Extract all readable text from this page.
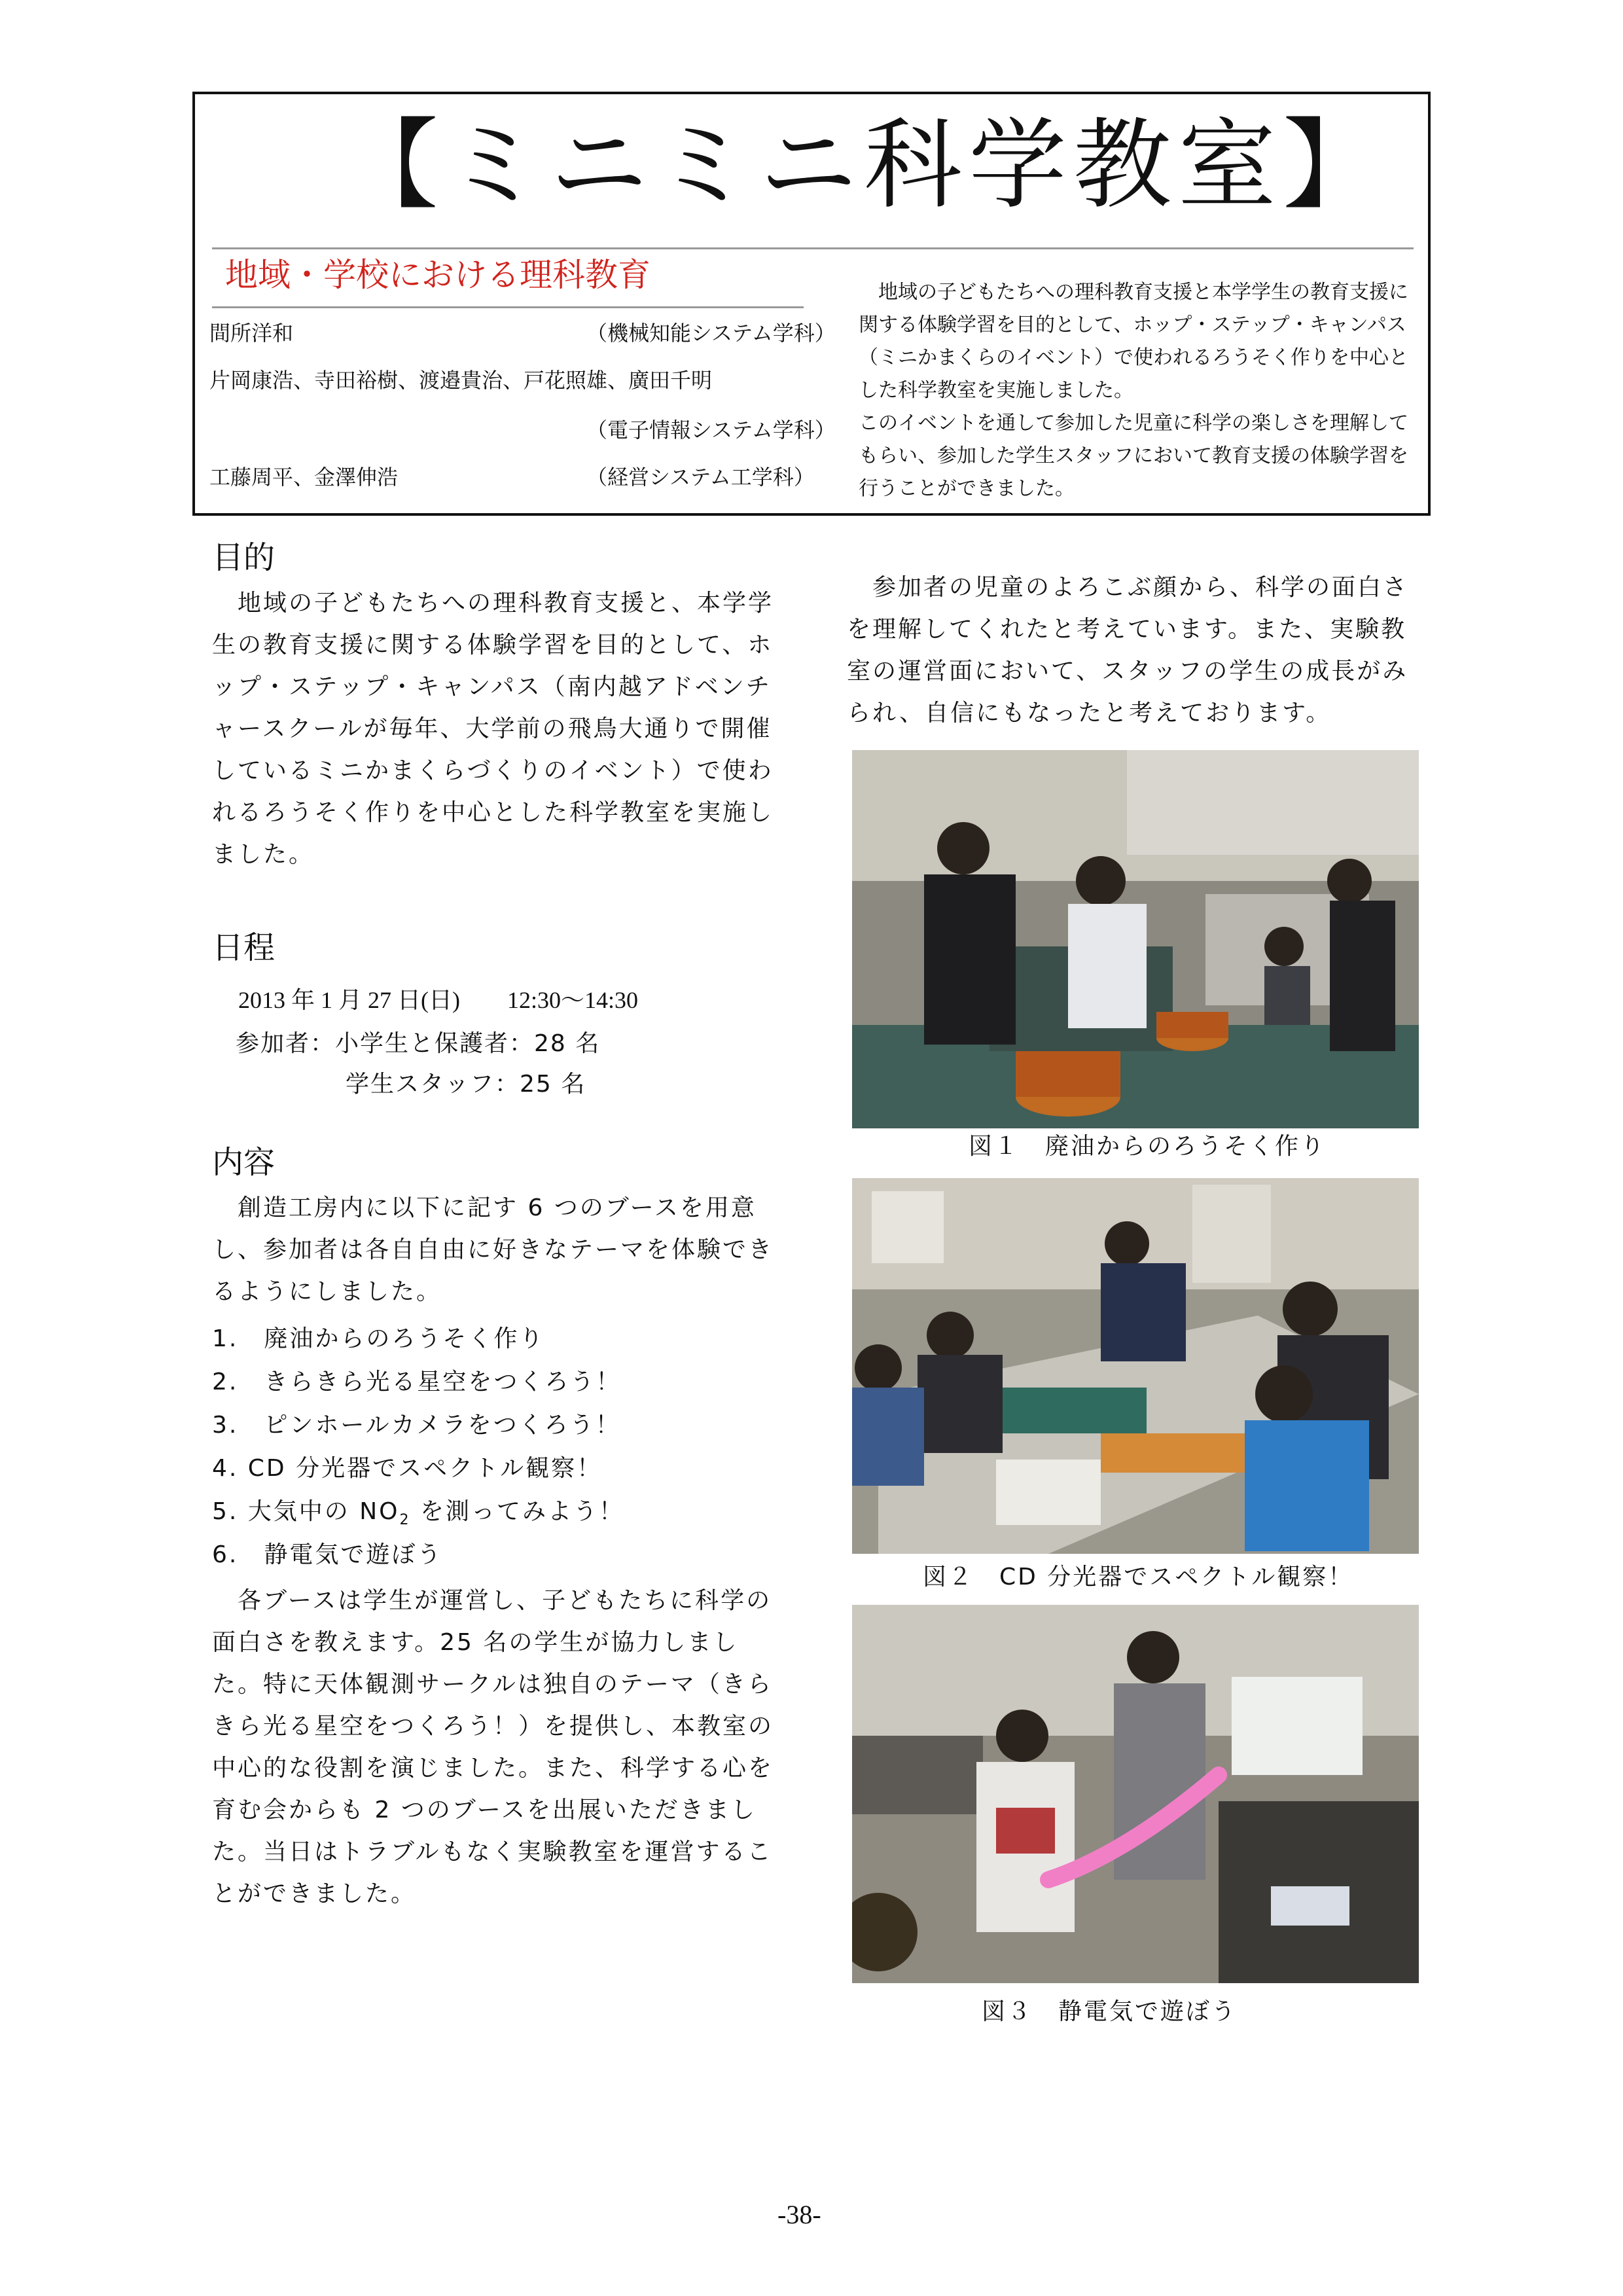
【ミニミニ科学教室】
地域・学校における理科教育
間所洋和	（機械知能システム学科）
片岡康浩、寺田裕樹、渡邉貴治、戸花照雄、廣田千明
（電子情報システム学科）
工藤周平、金澤伸浩	（経営システム工学科）

　地域の子どもたちへの理科教育支援と本学学生の教育支援に関する体験学習を目的として、ホップ・ステップ・キャンパス（ミニかまくらのイベント）で使われるろうそく作りを中心とした科学教室を実施しました。

このイベントを通して参加した児童に科学の楽しさを理解してもらい、参加した学生スタッフにおいて教育支援の体験学習を行うことができました。

目的

　地域の子どもたちへの理科教育支援と、本学学生の教育支援に関する体験学習を目的として、ホップ・ステップ・キャンパス（南内越アドベンチャースクールが毎年、大学前の飛鳥大通りで開催しているミニかまくらづくりのイベント）で使われるろうそく作りを中心とした科学教室を実施しました。

日程
2013 年 1 月 27 日(日)　　12:30〜14:30
参加者：小学生と保護者：28 名
学生スタッフ：25 名
内容

　創造工房内に以下に記す 6 つのブースを用意し、参加者は各自自由に好きなテーマを体験できるようにしました。

1.　廃油からのろうそく作り
2.　きらきら光る星空をつくろう！
3.　ピンホールカメラをつくろう！
4. CD 分光器でスペクトル観察！
5. 大気中の $NO_2$ を測ってみよう！
6.　静電気で遊ぼう

　各ブースは学生が運営し、子どもたちに科学の面白さを教えます。25 名の学生が協力しました。特に天体観測サークルは独自のテーマ（きらきら光る星空をつくろう！）を提供し、本教室の中心的な役割を演じました。また、科学する心を育む会からも 2 つのブースを出展いただきました。当日はトラブルもなく実験教室を運営することができました。

　参加者の児童のよろこぶ顔から、科学の面白さを理解してくれたと考えています。また、実験教室の運営面において、スタッフの学生の成長がみられ、自信にもなったと考えております。

図１　廃油からのろうそく作り
図２　CD 分光器でスペクトル観察！
図３　静電気で遊ぼう
-38-
